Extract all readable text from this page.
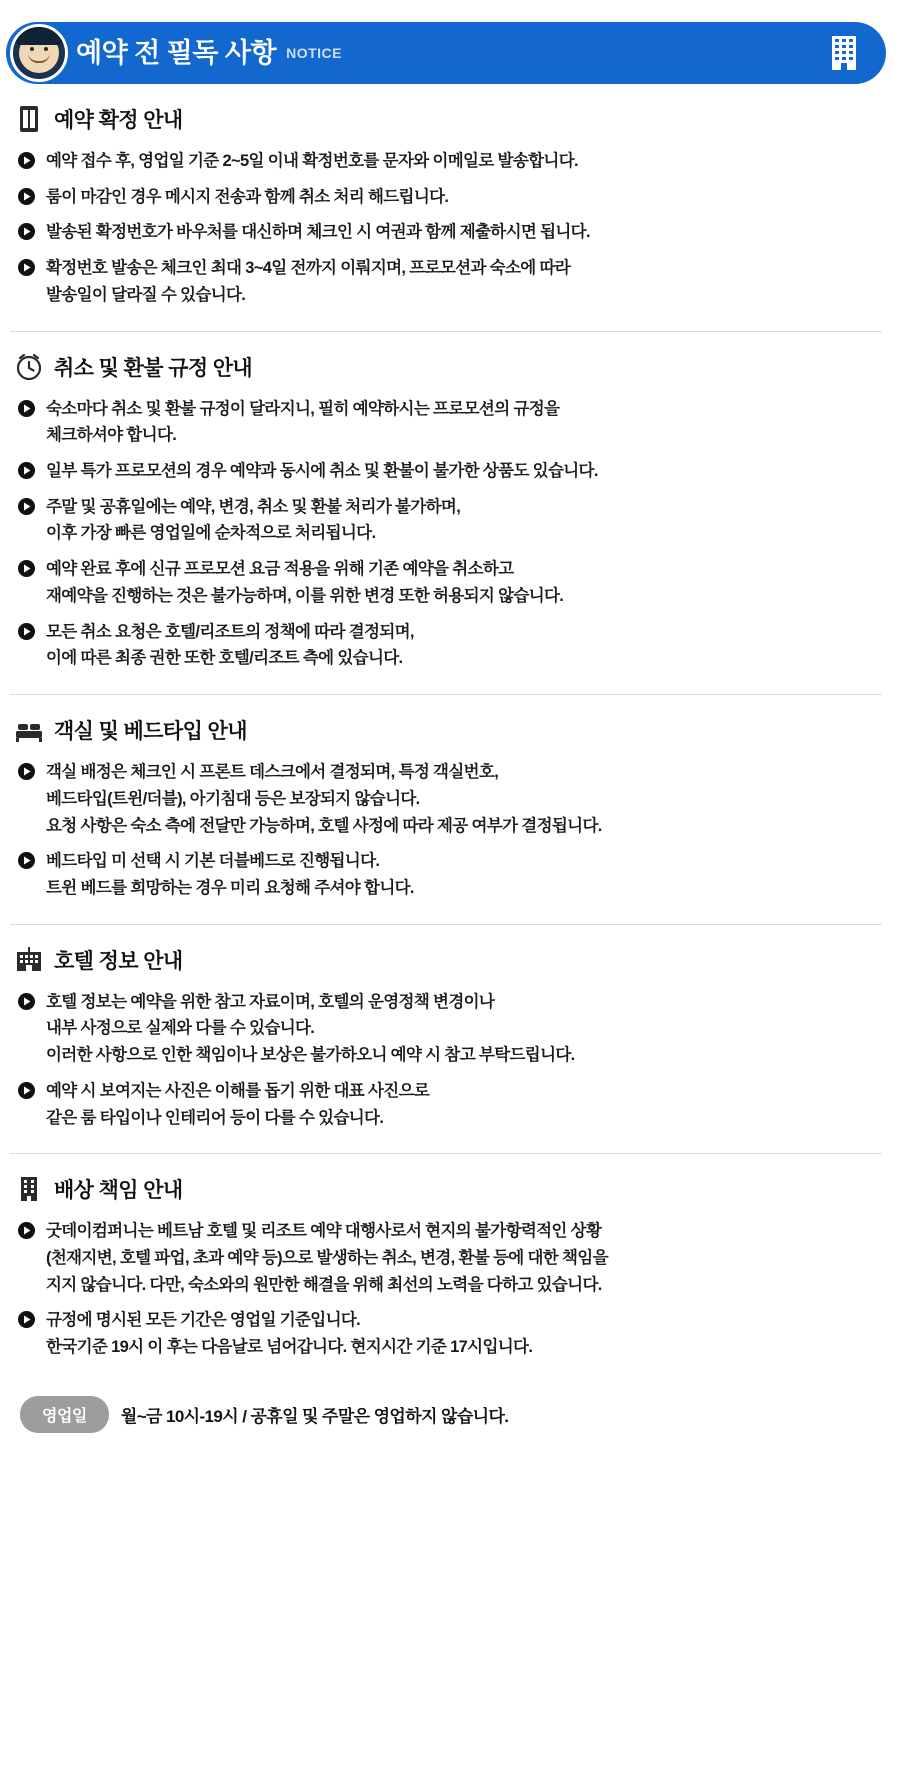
예약 전 필독 사항 NOTICE
예약 확정 안내
예약 접수 후, 영업일 기준 2~5일 이내 확정번호를 문자와 이메일로 발송합니다.
룸이 마감인 경우 메시지 전송과 함께 취소 처리 해드립니다.
발송된 확정번호가 바우처를 대신하며 체크인 시 여권과 함께 제출하시면 됩니다.
확정번호 발송은 체크인 최대 3~4일 전까지 이뤄지며, 프로모션과 숙소에 따라
발송일이 달라질 수 있습니다.
취소 및 환불 규정 안내
숙소마다 취소 및 환불 규정이 달라지니, 필히 예약하시는 프로모션의 규정을
체크하셔야 합니다.
일부 특가 프로모션의 경우 예약과 동시에 취소 및 환불이 불가한 상품도 있습니다.
주말 및 공휴일에는 예약, 변경, 취소 및 환불 처리가 불가하며,
이후 가장 빠른 영업일에 순차적으로 처리됩니다.
예약 완료 후에 신규 프로모션 요금 적용을 위해 기존 예약을 취소하고
재예약을 진행하는 것은 불가능하며, 이를 위한 변경 또한 허용되지 않습니다.
모든 취소 요청은 호텔/리조트의 정책에 따라 결정되며,
이에 따른 최종 권한 또한 호텔/리조트 측에 있습니다.
객실 및 베드타입 안내
객실 배정은 체크인 시 프론트 데스크에서 결정되며, 특정 객실번호,
베드타입(트윈/더블), 아기침대 등은 보장되지 않습니다.
요청 사항은 숙소 측에 전달만 가능하며, 호텔 사정에 따라 제공 여부가 결정됩니다.
베드타입 미 선택 시 기본 더블베드로 진행됩니다.
트윈 베드를 희망하는 경우 미리 요청해 주셔야 합니다.
호텔 정보 안내
호텔 정보는 예약을 위한 참고 자료이며, 호텔의 운영정책 변경이나
내부 사정으로 실제와 다를 수 있습니다.
이러한 사항으로 인한 책임이나 보상은 불가하오니 예약 시 참고 부탁드립니다.
예약 시 보여지는 사진은 이해를 돕기 위한 대표 사진으로
같은 룸 타입이나 인테리어 등이 다를 수 있습니다.
배상 책임 안내
굿데이컴퍼니는 베트남 호텔 및 리조트 예약 대행사로서 현지의 불가항력적인 상황
(천재지변, 호텔 파업, 초과 예약 등)으로 발생하는 취소, 변경, 환불 등에 대한 책임을
지지 않습니다. 다만, 숙소와의 원만한 해결을 위해 최선의 노력을 다하고 있습니다.
규정에 명시된 모든 기간은 영업일 기준입니다.
한국기준 19시 이 후는 다음날로 넘어갑니다. 현지시간 기준 17시입니다.
영업일	월~금 10시-19시 / 공휴일 및 주말은 영업하지 않습니다.
